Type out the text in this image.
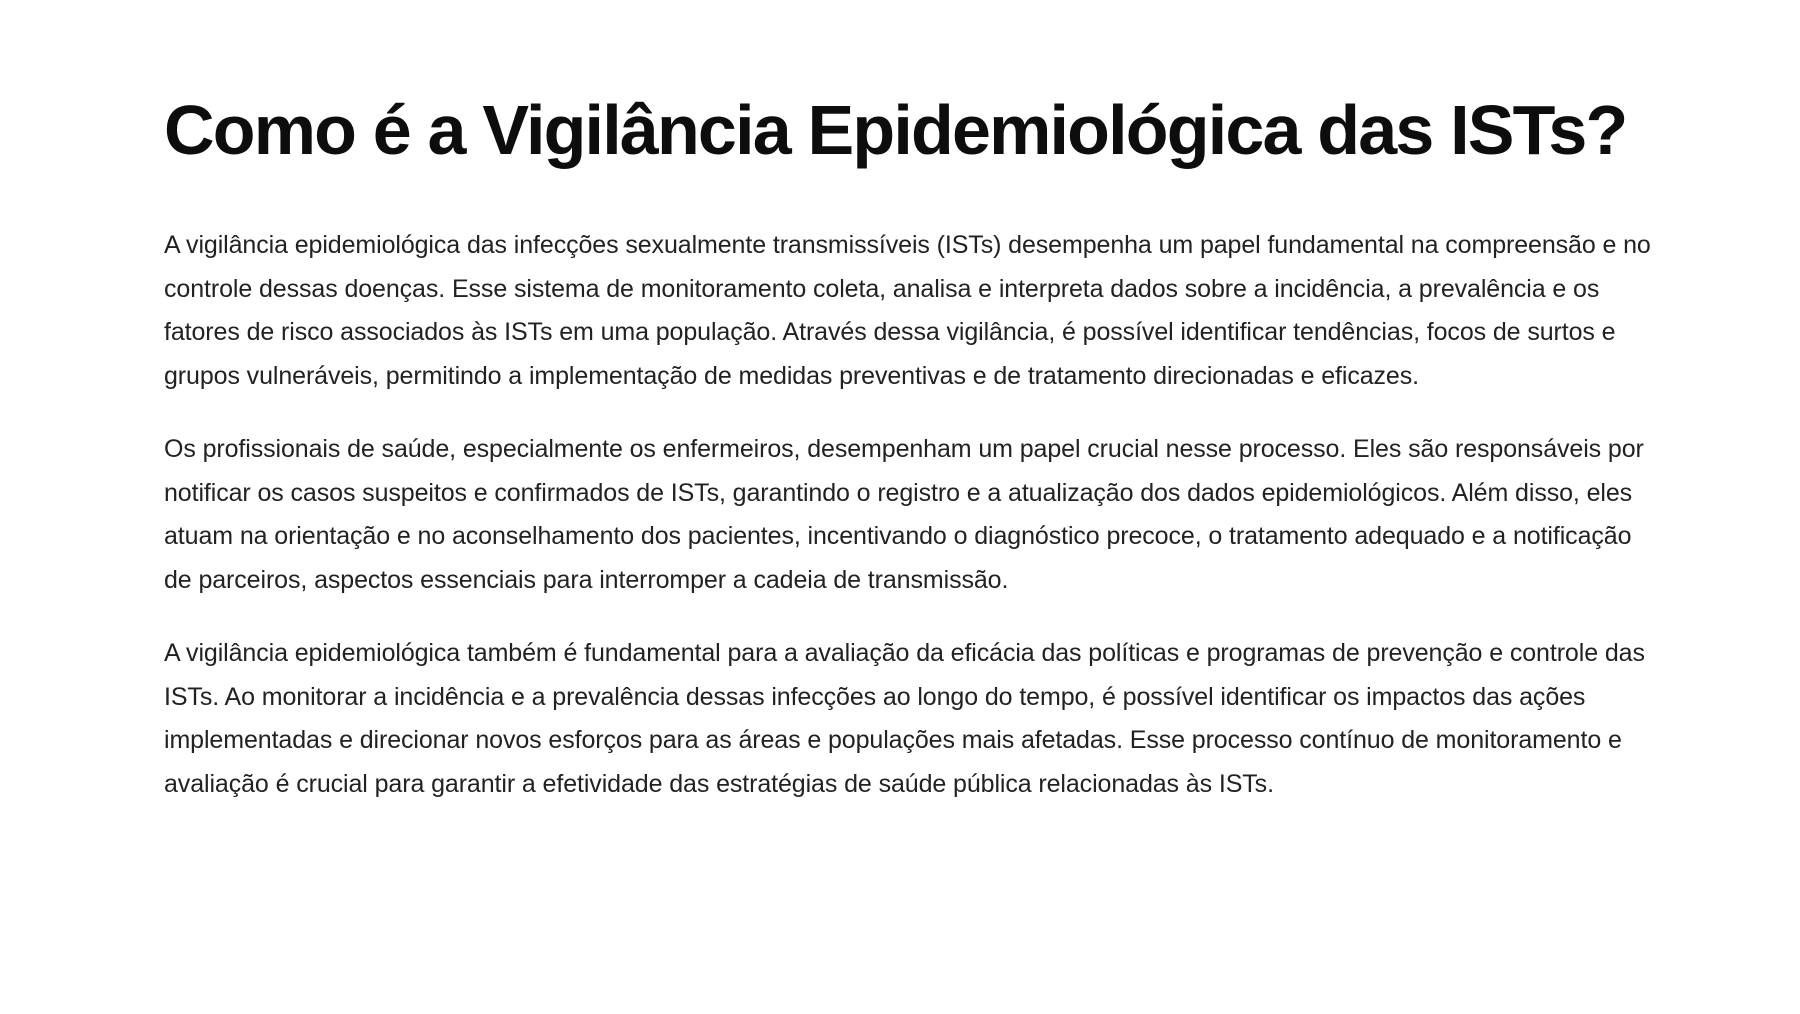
Como é a Vigilância Epidemiológica das ISTs?

A vigilância epidemiológica das infecções sexualmente transmissíveis (ISTs) desempenha um papel fundamental na compreensão e no controle dessas doenças. Esse sistema de monitoramento coleta, analisa e interpreta dados sobre a incidência, a prevalência e os fatores de risco associados às ISTs em uma população. Através dessa vigilância, é possível identificar tendências, focos de surtos e grupos vulneráveis, permitindo a implementação de medidas preventivas e de tratamento direcionadas e eficazes.

Os profissionais de saúde, especialmente os enfermeiros, desempenham um papel crucial nesse processo. Eles são responsáveis por notificar os casos suspeitos e confirmados de ISTs, garantindo o registro e a atualização dos dados epidemiológicos. Além disso, eles atuam na orientação e no aconselhamento dos pacientes, incentivando o diagnóstico precoce, o tratamento adequado e a notificação de parceiros, aspectos essenciais para interromper a cadeia de transmissão.

A vigilância epidemiológica também é fundamental para a avaliação da eficácia das políticas e programas de prevenção e controle das ISTs. Ao monitorar a incidência e a prevalência dessas infecções ao longo do tempo, é possível identificar os impactos das ações implementadas e direcionar novos esforços para as áreas e populações mais afetadas. Esse processo contínuo de monitoramento e avaliação é crucial para garantir a efetividade das estratégias de saúde pública relacionadas às ISTs.
